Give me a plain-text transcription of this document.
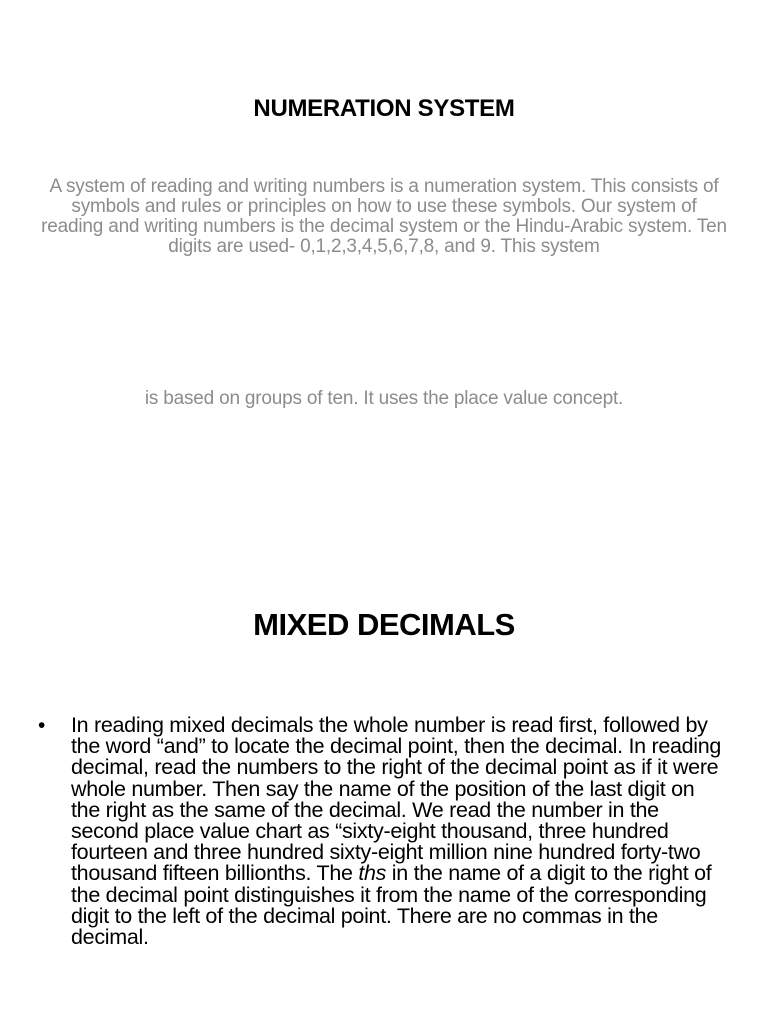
NUMERATION SYSTEM

A system of reading and writing numbers is a numeration system. This consists of symbols and rules or principles on how to use these symbols. Our system of reading and writing numbers is the decimal system or the Hindu-Arabic system. Ten digits are used- 0,1,2,3,4,5,6,7,8, and 9. This system

is based on groups of ten. It uses the place value concept.

MIXED DECIMALS
•	In reading mixed decimals the whole number is read first, followed by the word “and” to locate the decimal point, then the decimal. In reading decimal, read the numbers to the right of the decimal point as if it were whole number. Then say the name of the position of the last digit on the right as the same of the decimal. We read the number in the second place value chart as “sixty-eight thousand, three hundred fourteen and three hundred sixty-eight million nine hundred forty-two thousand fifteen billionths. The ths in the name of a digit to the right of the decimal point distinguishes it from the name of the corresponding digit to the left of the decimal point. There are no commas in the decimal.
